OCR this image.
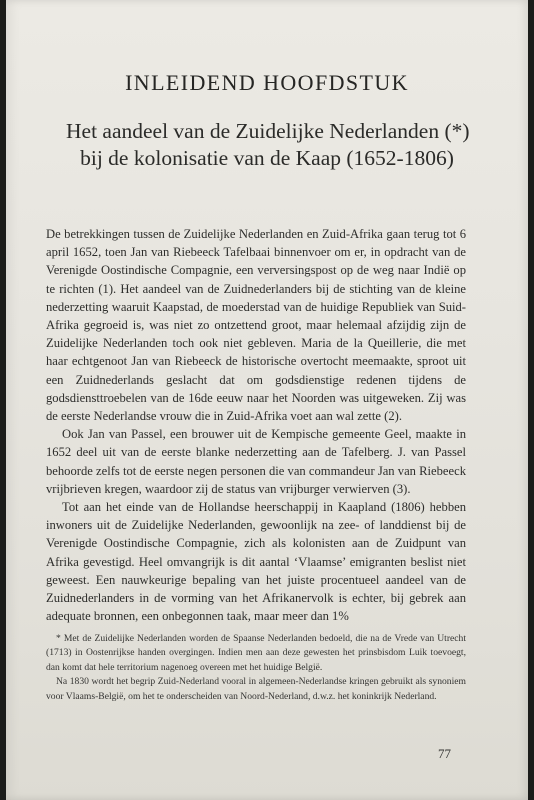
INLEIDEND HOOFDSTUK
Het aandeel van de Zuidelijke Nederlanden (*)
bij de kolonisatie van de Kaap (1652-1806)

De betrekkingen tussen de Zuidelijke Nederlanden en Zuid-Afrika gaan terug tot 6 april 1652, toen Jan van Riebeeck Tafelbaai binnenvoer om er, in opdracht van de Verenigde Oostindische Compagnie, een verversingspost op de weg naar Indië op te richten (1). Het aandeel van de Zuidnederlanders bij de stichting van de kleine nederzetting waaruit Kaapstad, de moederstad van de huidige Republiek van Suid-Afrika gegroeid is, was niet zo ontzettend groot, maar helemaal afzijdig zijn de Zuidelijke Nederlanden toch ook niet gebleven. Maria de la Queillerie, die met haar echtgenoot Jan van Riebeeck de historische overtocht meemaakte, sproot uit een Zuidnederlands geslacht dat om godsdienstige redenen tijdens de godsdiensttroebelen van de 16de eeuw naar het Noorden was uitgeweken. Zij was de eerste Nederlandse vrouw die in Zuid-Afrika voet aan wal zette (2).

Ook Jan van Passel, een brouwer uit de Kempische gemeente Geel, maakte in 1652 deel uit van de eerste blanke nederzetting aan de Tafelberg. J. van Passel behoorde zelfs tot de eerste negen personen die van commandeur Jan van Riebeeck vrijbrieven kregen, waardoor zij de status van vrijburger verwierven (3).

Tot aan het einde van de Hollandse heerschappij in Kaapland (1806) hebben inwoners uit de Zuidelijke Nederlanden, gewoonlijk na zee- of landdienst bij de Verenigde Oostindische Compagnie, zich als kolonisten aan de Zuidpunt van Afrika gevestigd. Heel omvangrijk is dit aantal ‘Vlaamse’ emigranten beslist niet geweest. Een nauwkeurige bepaling van het juiste procentueel aandeel van de Zuidnederlanders in de vorming van het Afrikanervolk is echter, bij gebrek aan adequate bronnen, een onbegonnen taak, maar meer dan 1%

* Met de Zuidelijke Nederlanden worden de Spaanse Nederlanden bedoeld, die na de Vrede van Utrecht (1713) in Oostenrijkse handen overgingen. Indien men aan deze gewesten het prinsbisdom Luik toevoegt, dan komt dat hele territorium nagenoeg overeen met het huidige België.

Na 1830 wordt het begrip Zuid-Nederland vooral in algemeen-Nederlandse kringen gebruikt als synoniem voor Vlaams-België, om het te onderscheiden van Noord-Nederland, d.w.z. het koninkrijk Nederland.

77
